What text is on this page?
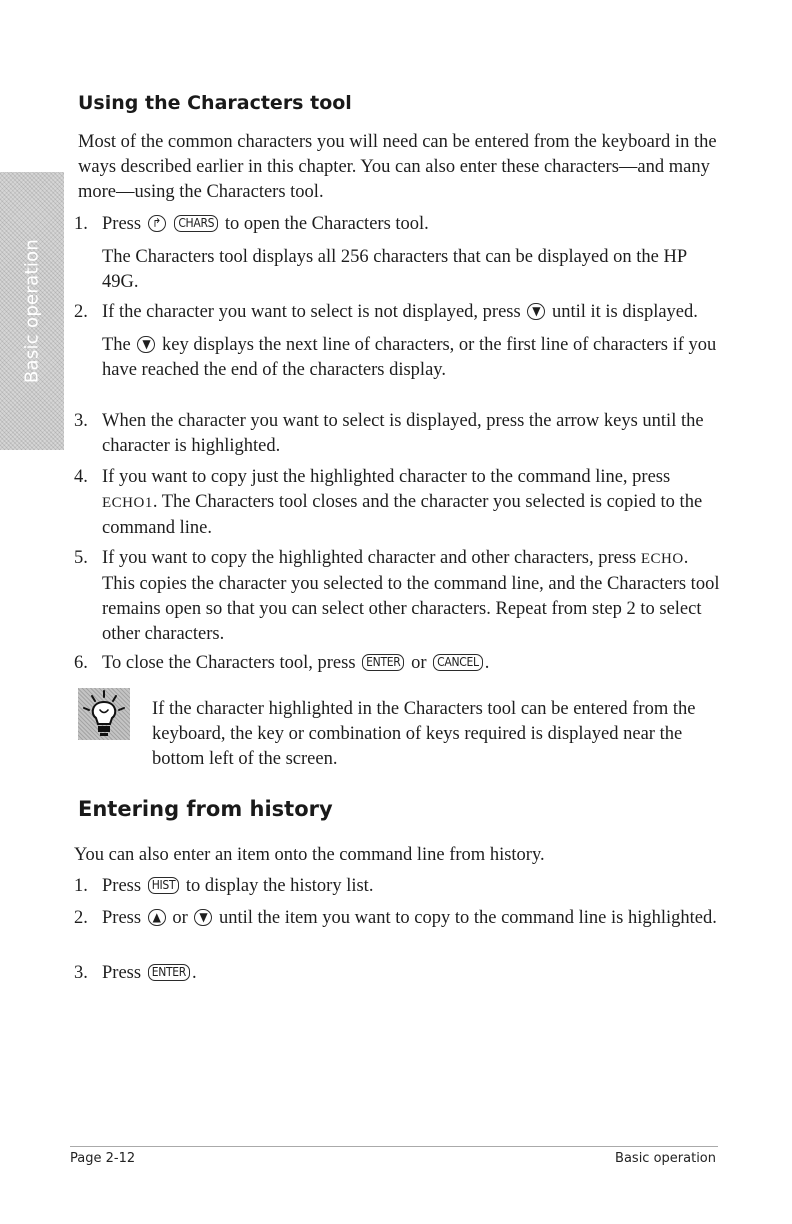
Basic operation
Using the Characters tool

Most of the common characters you will need can be entered from the keyboard in the ways described earlier in this chapter. You can also enter these characters—and many more—using the Characters tool.

1. Press ↱ CHARS to open the Characters tool.
The Characters tool displays all 256 characters that can be displayed on the HP 49G.
2. If the character you want to select is not displayed, press ▼ until it is displayed.
The ▼ key displays the next line of characters, or the first line of characters if you have reached the end of the characters display.
3. When the character you want to select is displayed, press the arrow keys until the character is highlighted.
4. If you want to copy just the highlighted character to the command line, press ECHO1. The Characters tool closes and the character you selected is copied to the command line.
5. If you want to copy the highlighted character and other characters, press ECHO. This copies the character you selected to the command line, and the Characters tool remains open so that you can select other characters. Repeat from step 2 to select other characters.
6. To close the Characters tool, press ENTER or CANCEL .

If the character highlighted in the Characters tool can be entered from the keyboard, the key or combination of keys required is displayed near the bottom left of the screen.

Entering from history

You can also enter an item onto the command line from history.

1. Press HIST to display the history list.
2. Press ▲ or ▼ until the item you want to copy to the command line is highlighted.
3. Press ENTER .
Page 2-12	Basic operation
